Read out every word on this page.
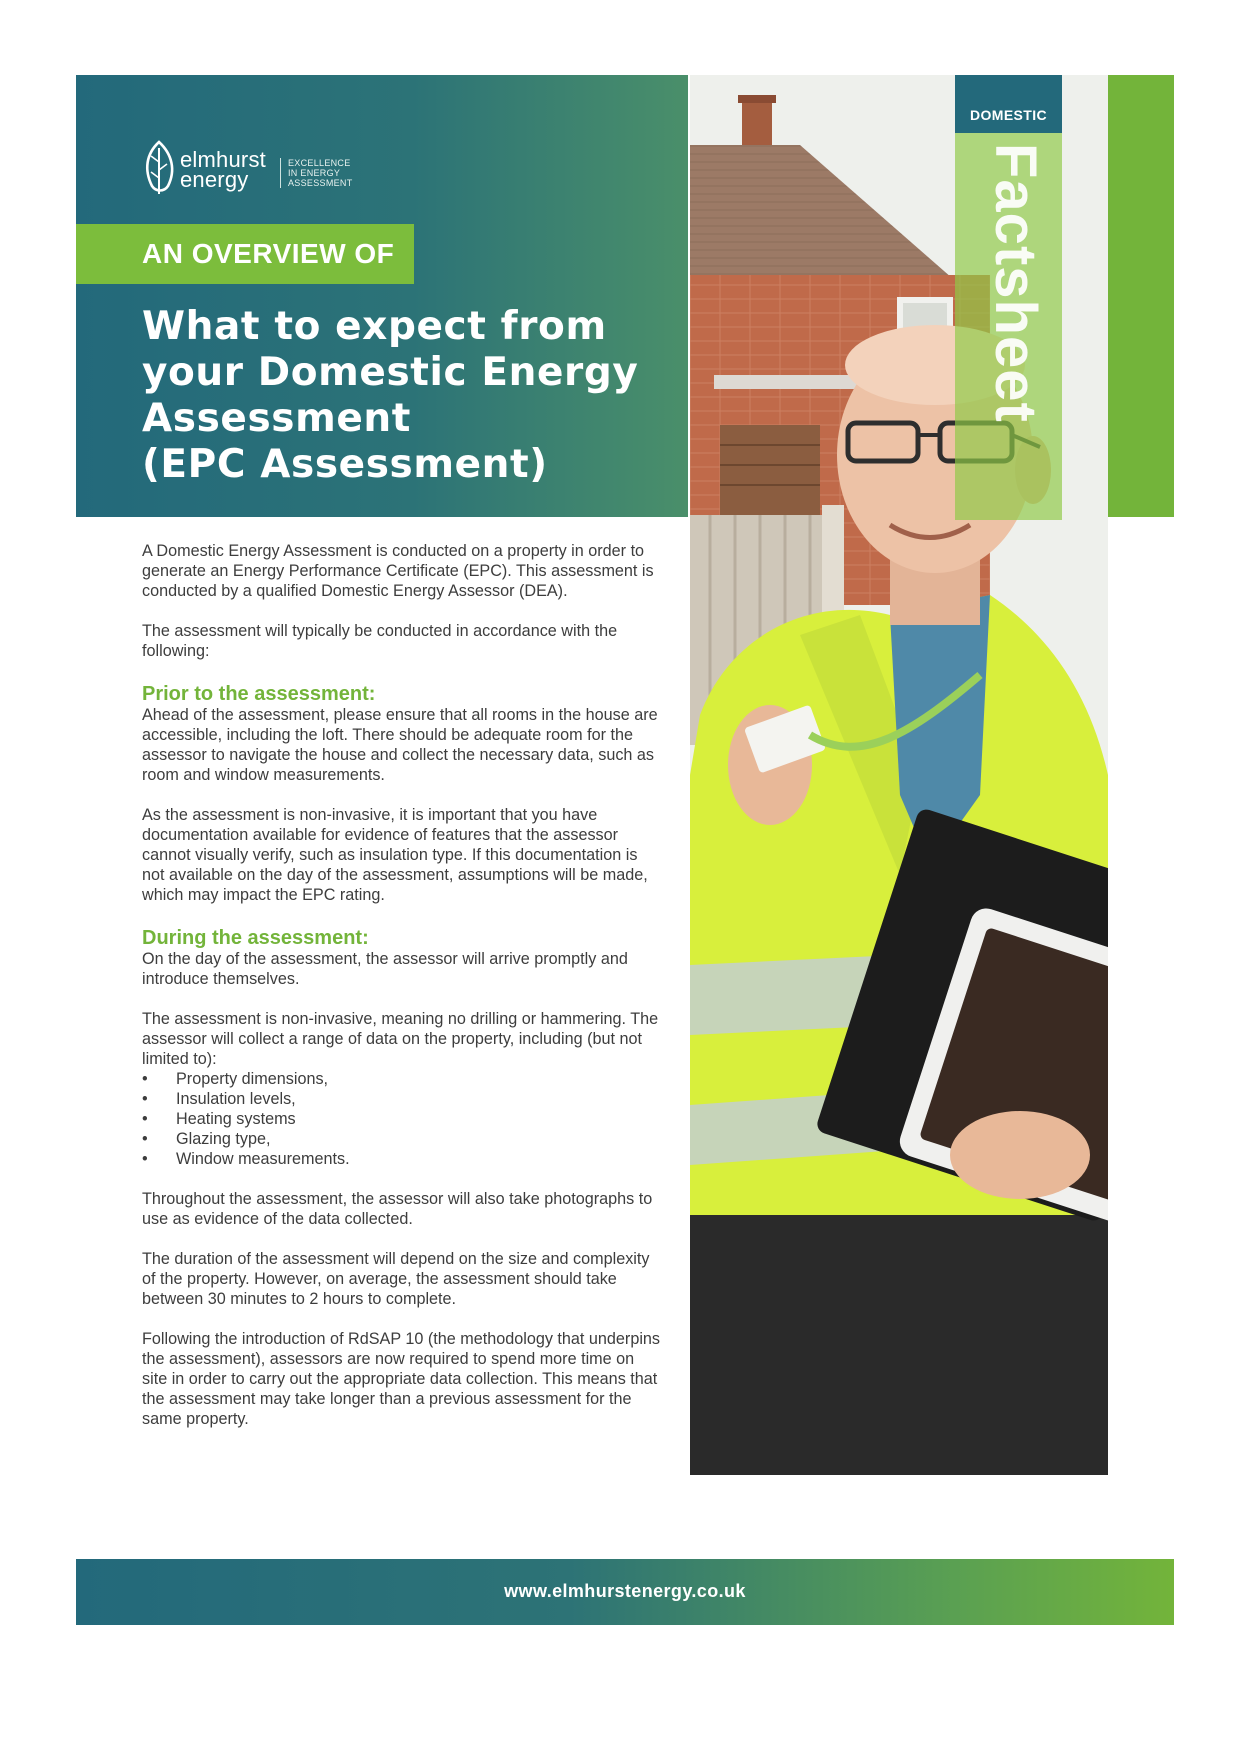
elmhurst
energy
EXCELLENCE
IN ENERGY
ASSESSMENT
AN OVERVIEW OF
What to expect from
your Domestic Energy
Assessment
(EPC Assessment)
DOMESTIC
Factsheet

A Domestic Energy Assessment is conducted on a property in order to generate an Energy Performance Certificate (EPC). This assessment is conducted by a qualified Domestic Energy Assessor (DEA).

The assessment will typically be conducted in accordance with the following:

Prior to the assessment:

Ahead of the assessment, please ensure that all rooms in the house are accessible, including the loft. There should be adequate room for the assessor to navigate the house and collect the necessary data, such as room and window measurements.

As the assessment is non-invasive, it is important that you have documentation available for evidence of features that the assessor cannot visually verify, such as insulation type. If this documentation is not available on the day of the assessment, assumptions will be made, which may impact the EPC rating.

During the assessment:

On the day of the assessment, the assessor will arrive promptly and introduce themselves.

The assessment is non-invasive, meaning no drilling or hammering. The assessor will collect a range of data on the property, including (but not limited to):

• Property dimensions,
• Insulation levels,
• Heating systems
• Glazing type,
• Window measurements.

Throughout the assessment, the assessor will also take photographs to use as evidence of the data collected.

The duration of the assessment will depend on the size and complexity of the property. However, on average, the assessment should take between 30 minutes to 2 hours to complete.

Following the introduction of RdSAP 10 (the methodology that underpins the assessment), assessors are now required to spend more time on site in order to carry out the appropriate data collection. This means that the assessment may take longer than a previous assessment for the same property.

www.elmhurstenergy.co.uk
